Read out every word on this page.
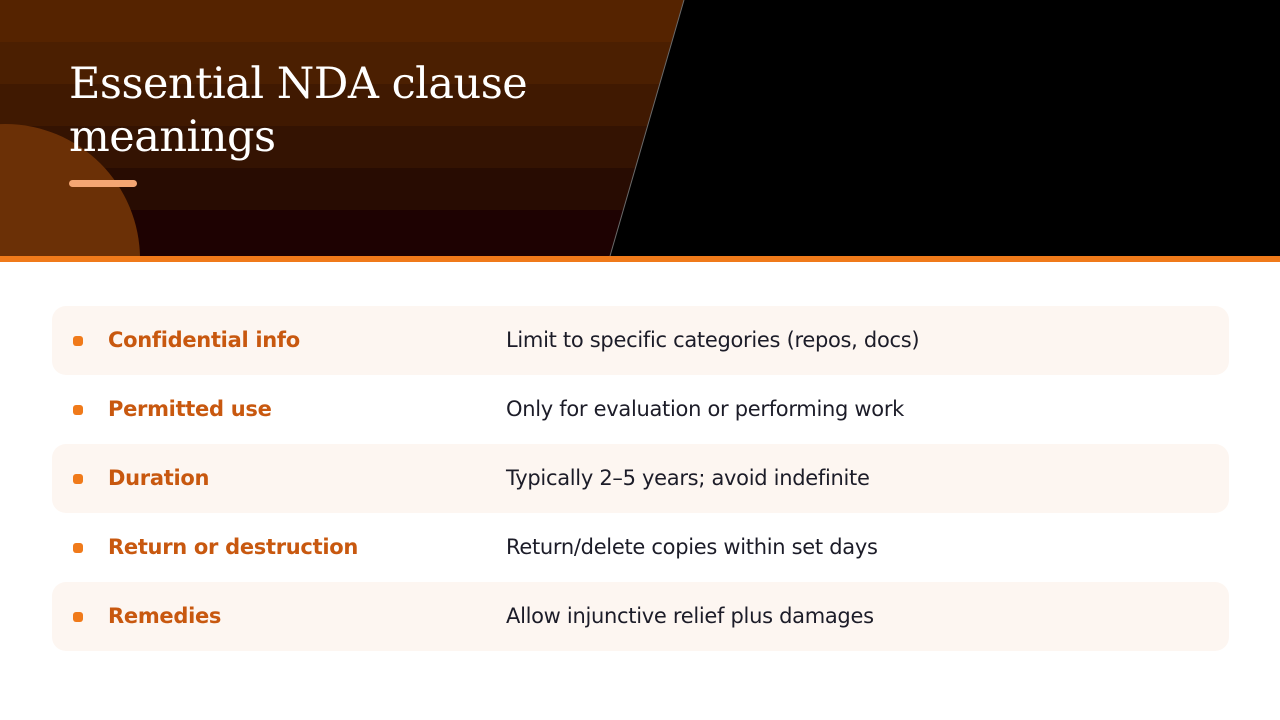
Essential NDA clause meanings
Confidential info	Limit to specific categories (repos, docs)
Permitted use	Only for evaluation or performing work
Duration	Typically 2–5 years; avoid indefinite
Return or destruction	Return/delete copies within set days
Remedies	Allow injunctive relief plus damages
